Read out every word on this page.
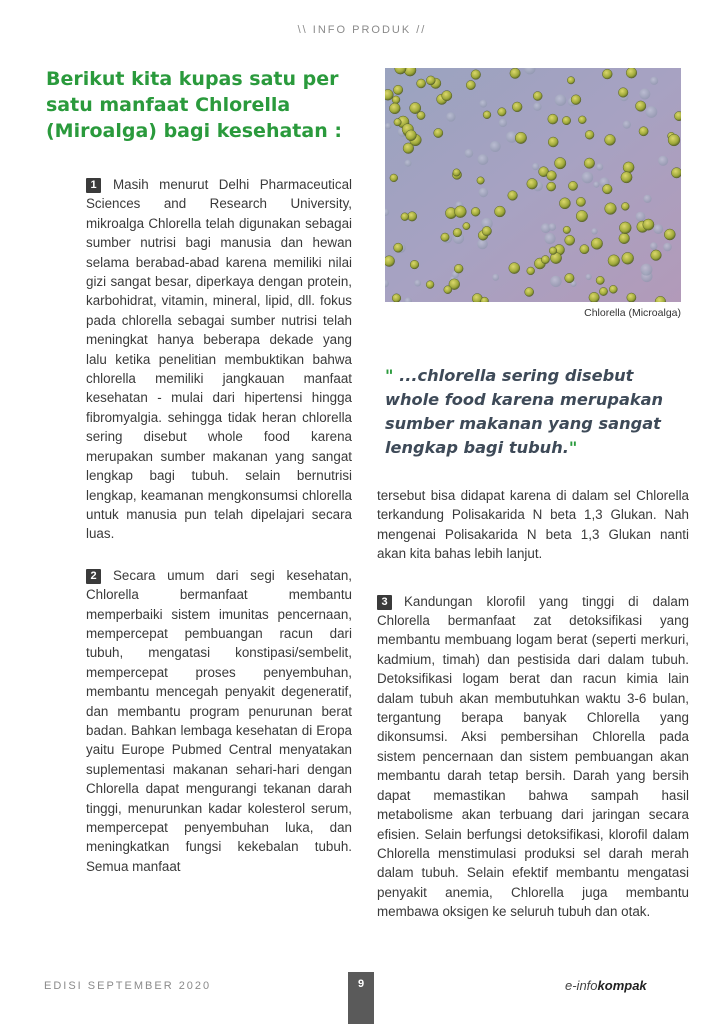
\\ INFO PRODUK //
Berikut kita kupas satu per satu manfaat Chlorella (Miroalga) bagi kesehatan :

1 Masih menurut Delhi Pharmaceutical Sciences and Research University, mikroalga Chlorella telah digunakan sebagai sumber nutrisi bagi manusia dan hewan selama berabad-abad karena memiliki nilai gizi sangat besar, diperkaya dengan protein, karbohidrat, vitamin, mineral, lipid, dll. fokus pada chlorella sebagai sumber nutrisi telah meningkat hanya beberapa dekade yang lalu ketika penelitian membuktikan bahwa chlorella memiliki jangkauan manfaat kesehatan - mulai dari hipertensi hingga fibromyalgia. sehingga tidak heran chlorella sering disebut whole food karena merupakan sumber makanan yang sangat lengkap bagi tubuh. selain bernutrisi lengkap, keamanan mengkonsumsi chlorella untuk manusia pun telah dipelajari secara luas.

2 Secara umum dari segi kesehatan, Chlorella bermanfaat membantu memperbaiki sistem imunitas pencernaan, mempercepat pembuangan racun dari tubuh, mengatasi konstipasi/sembelit, mempercepat proses penyembuhan, membantu mencegah penyakit degeneratif, dan membantu program penurunan berat badan. Bahkan lembaga kesehatan di Eropa yaitu Europe Pubmed Central menyatakan suplementasi makanan sehari-hari dengan Chlorella dapat mengurangi tekanan darah tinggi, menurunkan kadar kolesterol serum, mempercepat penyembuhan luka, dan meningkatkan fungsi kekebalan tubuh. Semua manfaat

Chlorella (Microalga)

" ...chlorella sering disebut whole food karena merupakan sumber makanan yang sangat lengkap bagi tubuh."

tersebut bisa didapat karena di dalam sel Chlorella terkandung Polisakarida N beta 1,3 Glukan. Nah mengenai Polisakarida N beta 1,3 Glukan nanti akan kita bahas lebih lanjut.

3 Kandungan klorofil yang tinggi di dalam Chlorella bermanfaat zat detoksifikasi yang membantu membuang logam berat (seperti merkuri, kadmium, timah) dan pestisida dari dalam tubuh. Detoksifikasi logam berat dan racun kimia lain dalam tubuh akan membutuhkan waktu 3-6 bulan, tergantung berapa banyak Chlorella yang dikonsumsi. Aksi pembersihan Chlorella pada sistem pencernaan dan sistem pembuangan akan membantu darah tetap bersih. Darah yang bersih dapat memastikan bahwa sampah hasil metabolisme akan terbuang dari jaringan secara efisien. Selain berfungsi detoksifikasi, klorofil dalam Chlorella menstimulasi produksi sel darah merah dalam tubuh. Selain efektif membantu mengatasi penyakit anemia, Chlorella juga membantu membawa oksigen ke seluruh tubuh dan otak.

EDISI SEPTEMBER 2020	9	e-infokompak
